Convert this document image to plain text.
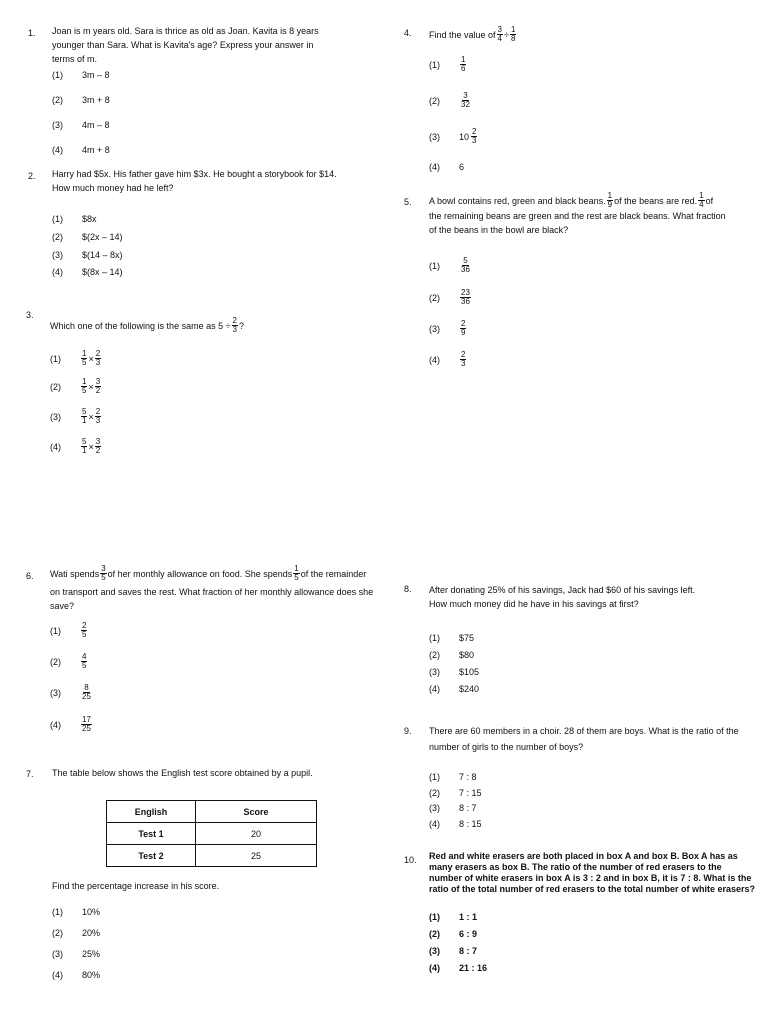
1. Joan is m years old. Sara is thrice as old as Joan. Kavita is 8 years
younger than Sara. What is Kavita's age? Express your answer in
terms of m.
(1)	3m – 8
(2)	3m + 8
(3)	4m – 8
(4)	4m + 8
2. Harry had $5x. His father gave him $3x. He bought a storybook for $14.
How much money had he left?
(1)	$8x
(2)	$(2x – 14)
(3)	$(14 – 8x)
(4)	$(8x – 14)
3.
Which one of the following is the same as $5 \div \frac{2}{3}$ ?
(1)	$\frac{1}{5} \times \frac{2}{3}$
(2)	$\frac{1}{5} \times \frac{3}{2}$
(3)	$\frac{5}{1} \times \frac{2}{3}$
(4)	$\frac{5}{1} \times \frac{3}{2}$
4. Find the value of $\frac{3}{4} \div \frac{1}{8}$
(1)	$\frac{1}{6}$
(2)	$\frac{3}{32}$
(3)	$10 \frac{2}{3}$
(4)	6
5. A bowl contains red, green and black beans. $\frac{1}{9}$ of the beans are red. $\frac{1}{4}$ of
the remaining beans are green and the rest are black beans. What fraction
of the beans in the bowl are black?
(1)	$\frac{5}{36}$
(2)	$\frac{23}{36}$
(3)	$\frac{2}{9}$
(4)	$\frac{2}{3}$
6. Wati spends $\frac{3}{5}$ of her monthly allowance on food. She spends $\frac{1}{5}$ of the remainder
on transport and saves the rest. What fraction of her monthly allowance does she
save?
(1)	$\frac{2}{5}$
(2)	$\frac{4}{5}$
(3)	$\frac{8}{25}$
(4)	$\frac{17}{25}$
7. The table below shows the English test score obtained by a pupil.
English	Score
Test 1	20
Test 2	25
Find the percentage increase in his score.
(1)	10%
(2)	20%
(3)	25%
(4)	80%
8. After donating 25% of his savings, Jack had $60 of his savings left.
How much money did he have in his savings at first?
(1)	$75
(2)	$80
(3)	$105
(4)	$240
9. There are 60 members in a choir. 28 of them are boys. What is the ratio of the
number of girls to the number of boys?
(1)	7 : 8
(2)	7 : 15
(3)	8 : 7
(4)	8 : 15
10. Red and white erasers are both placed in box A and box B. Box A has as
many erasers as box B. The ratio of the number of red erasers to the
number of white erasers in box A is 3 : 2 and in box B, it is 7 : 8. What is the
ratio of the total number of red erasers to the total number of white erasers?
(1)	1 : 1
(2)	6 : 9
(3)	8 : 7
(4)	21 : 16
